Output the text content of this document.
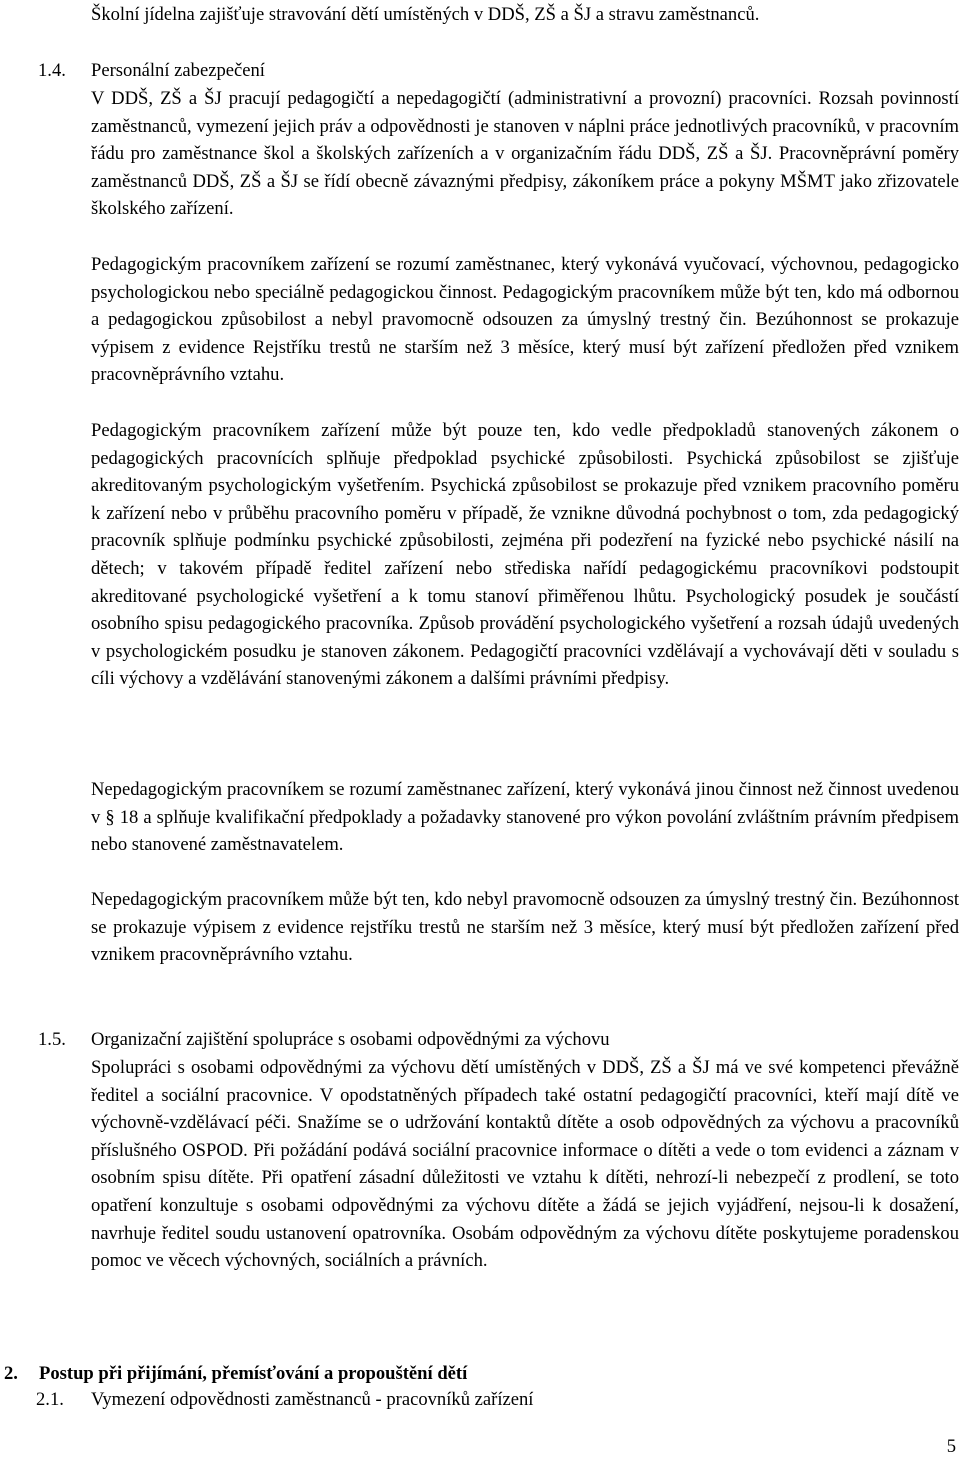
Školní jídelna zajišťuje stravování dětí umístěných v DDŠ, ZŠ a ŠJ a stravu zaměstnanců.

1.4. Personální zabezpečení

V DDŠ, ZŠ a ŠJ pracují pedagogičtí a nepedagogičtí (administrativní a provozní) pracovníci. Rozsah povinností zaměstnanců, vymezení jejich práv a odpovědnosti je stanoven v náplni práce jednotlivých pracovníků, v pracovním řádu pro zaměstnance škol a školských zařízeních a v organizačním řádu DDŠ, ZŠ a ŠJ. Pracovněprávní poměry zaměstnanců DDŠ, ZŠ a ŠJ se řídí obecně závaznými předpisy, zákoníkem práce a pokyny MŠMT jako zřizovatele školského zařízení.

Pedagogickým pracovníkem zařízení se rozumí zaměstnanec, který vykonává vyučovací, výchovnou, pedagogicko psychologickou nebo speciálně pedagogickou činnost. Pedagogickým pracovníkem může být ten, kdo má odbornou a pedagogickou způsobilost a nebyl pravomocně odsouzen za úmyslný trestný čin. Bezúhonnost se prokazuje výpisem z evidence Rejstříku trestů ne starším než 3 měsíce, který musí být zařízení předložen před vznikem pracovněprávního vztahu.

Pedagogickým pracovníkem zařízení může být pouze ten, kdo vedle předpokladů stanovených zákonem o pedagogických pracovnících splňuje předpoklad psychické způsobilosti. Psychická způsobilost se zjišťuje akreditovaným psychologickým vyšetřením. Psychická způsobilost se prokazuje před vznikem pracovního poměru k zařízení nebo v průběhu pracovního poměru v případě, že vznikne důvodná pochybnost o tom, zda pedagogický pracovník splňuje podmínku psychické způsobilosti, zejména při podezření na fyzické nebo psychické násilí na dětech; v takovém případě ředitel zařízení nebo střediska nařídí pedagogickému pracovníkovi podstoupit akreditované psychologické vyšetření a k tomu stanoví přiměřenou lhůtu. Psychologický posudek je součástí osobního spisu pedagogického pracovníka. Způsob provádění psychologického vyšetření a rozsah údajů uvedených v psychologickém posudku je stanoven zákonem. Pedagogičtí pracovníci vzdělávají a vychovávají děti v souladu s cíli výchovy a vzdělávání stanovenými zákonem a dalšími právními předpisy.

Nepedagogickým pracovníkem se rozumí zaměstnanec zařízení, který vykonává jinou činnost než činnost uvedenou v § 18 a splňuje kvalifikační předpoklady a požadavky stanovené pro výkon povolání zvláštním právním předpisem nebo stanovené zaměstnavatelem.

Nepedagogickým pracovníkem může být ten, kdo nebyl pravomocně odsouzen za úmyslný trestný čin. Bezúhonnost se prokazuje výpisem z evidence rejstříku trestů ne starším než 3 měsíce, který musí být předložen zařízení před vznikem pracovněprávního vztahu.

1.5. Organizační zajištění spolupráce s osobami odpovědnými za výchovu

Spolupráci s osobami odpovědnými za výchovu dětí umístěných v DDŠ, ZŠ a ŠJ má ve své kompetenci převážně ředitel a sociální pracovnice. V opodstatněných případech také ostatní pedagogičtí pracovníci, kteří mají dítě ve výchovně-vzdělávací péči. Snažíme se o udržování kontaktů dítěte a osob odpovědných za výchovu a pracovníků příslušného OSPOD. Při požádání podává sociální pracovnice informace o dítěti a vede o tom evidenci a záznam v osobním spisu dítěte. Při opatření zásadní důležitosti ve vztahu k dítěti, nehrozí-li nebezpečí z prodlení, se toto opatření konzultuje s osobami odpovědnými za výchovu dítěte a žádá se jejich vyjádření, nejsou-li k dosažení, navrhuje ředitel soudu ustanovení opatrovníka. Osobám odpovědným za výchovu dítěte poskytujeme poradenskou pomoc ve věcech výchovných, sociálních a právních.

2. Postup při přijímání, přemísťování a propouštění dětí

2.1. Vymezení odpovědnosti zaměstnanců - pracovníků zařízení

5
